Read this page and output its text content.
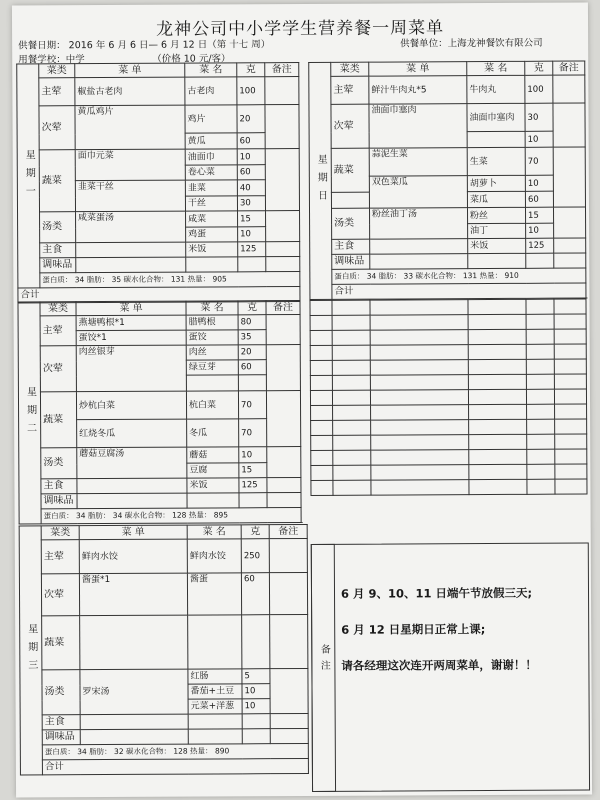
龙神公司中小学学生营养餐一周菜单
供餐日期： 2016 年 6 月 6 日— 6 月 12 日（第 十七 周）	供餐单位：上海龙神餐饮有限公司
用餐学校：中学	（价格 10 元/客）
星期一	菜类	菜 单	菜 名	克	备注
	主荤	椒盐古老肉	古老肉	100	
	次荤	黄瓜鸡片	鸡片	20	
			黄瓜	60	
	蔬菜	面巾元菜	油面巾	10	
			卷心菜	60	
		韭菜干丝	韭菜	40	
			干丝	30	
	汤类	咸菜蛋汤	咸菜	15	
			鸡蛋	10	
	主食		米饭	125	
	调味品				
	蛋白质： 34 脂肪： 35 碳水化合物： 131 热量： 905				
合计					
星期日	菜类	菜 单	菜 名	克	备注
	主荤	鲜汁牛肉丸*5	牛肉丸	100	
	次荤	油面巾塞肉	油面巾塞肉	30	
				10	
	蔬菜	蒜泥生菜	生菜	70	
		双色菜瓜	胡萝卜	10	
			菜瓜	60	
	汤类	粉丝油丁汤	粉丝	15	
			油丁	10	
	主食		米饭	125	
	调味品				
	蛋白质： 34 脂肪： 33 碳水化合物： 131 热量： 910				
	合计				

星期二	菜类	菜 单	菜 名	克	备注
	主荤	燕塘鸭根*1	腊鸭根	80	
		蛋饺*1	蛋饺	35	
	次荤	肉丝银芽	肉丝	20	
			绿豆芽	60	

	蔬菜	炒杭白菜	杭白菜	70	
		红烧冬瓜	冬瓜	70	
	汤类	蘑菇豆腐汤	蘑菇	10	
			豆腐	15	
	主食		米饭	125	
	调味品				
	蛋白质： 34 脂肪： 34 碳水化合物： 128 热量： 895				
星期三	菜类	菜 单	菜 名	克	备注
	主荤	鲜肉水饺	鲜肉水饺	250	
	次荤	酱蛋*1	酱蛋	60	
	蔬菜				
	汤类	罗宋汤	红肠	5	
			番茄+土豆	10	
			元菜+洋葱	10	
	主食				
	调味品				
	蛋白质： 34 脂肪： 32 碳水化合物： 128 热量： 890				
	合计				
备注
6 月 9、10、11 日端午节放假三天;
6 月 12 日星期日正常上课;
请各经理这次连开两周菜单，谢谢！！
